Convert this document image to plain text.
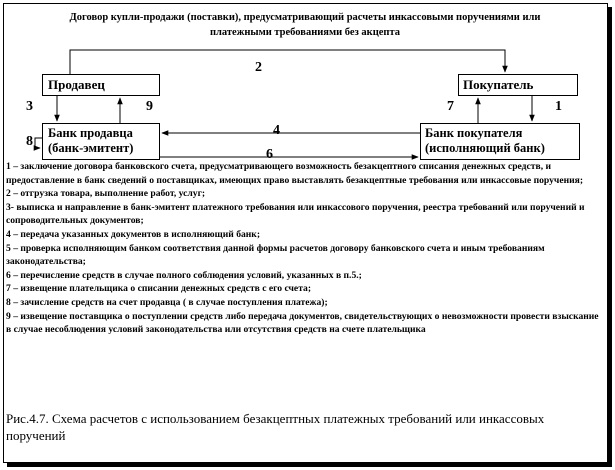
Договор купли-продажи (поставки), предусматривающий расчеты инкассовыми поручениями или платежными требованиями без акцепта
Продавец	Покупатель
Банк продавца
(банк-эмитент)
Банк покупателя
(исполняющий банк)
2
3	9
8
4
6
7	1
1 – заключение договора банковского счета, предусматривающего возможность безакцептного списания денежных средств, и предоставление в банк сведений о поставщиках, имеющих право выставлять безакцептные требования или инкассовые поручения;
2 – отгрузка товара, выполнение работ, услуг;
3- выписка и направление в банк-эмитент платежного требования или инкассового поручения, реестра требований или поручений и сопроводительных документов;
4 – передача указанных документов в исполняющий банк;
5 – проверка исполняющим банком соответствия данной формы расчетов договору банковского счета и иным требованиям законодательства;
6 – перечисление средств в случае полного соблюдения условий, указанных в п.5.;
7 – извещение плательщика о списании денежных средств с его счета;
8 – зачисление средств на счет продавца ( в случае поступления платежа);
9 – извещение поставщика о поступлении средств либо передача документов, свидетельствующих о невозможности провести взыскание в случае несоблюдения условий законодательства или отсутствия средств на счете плательщика
Рис.4.7. Схема расчетов с использованием безакцептных платежных требований или инкассовых поручений
